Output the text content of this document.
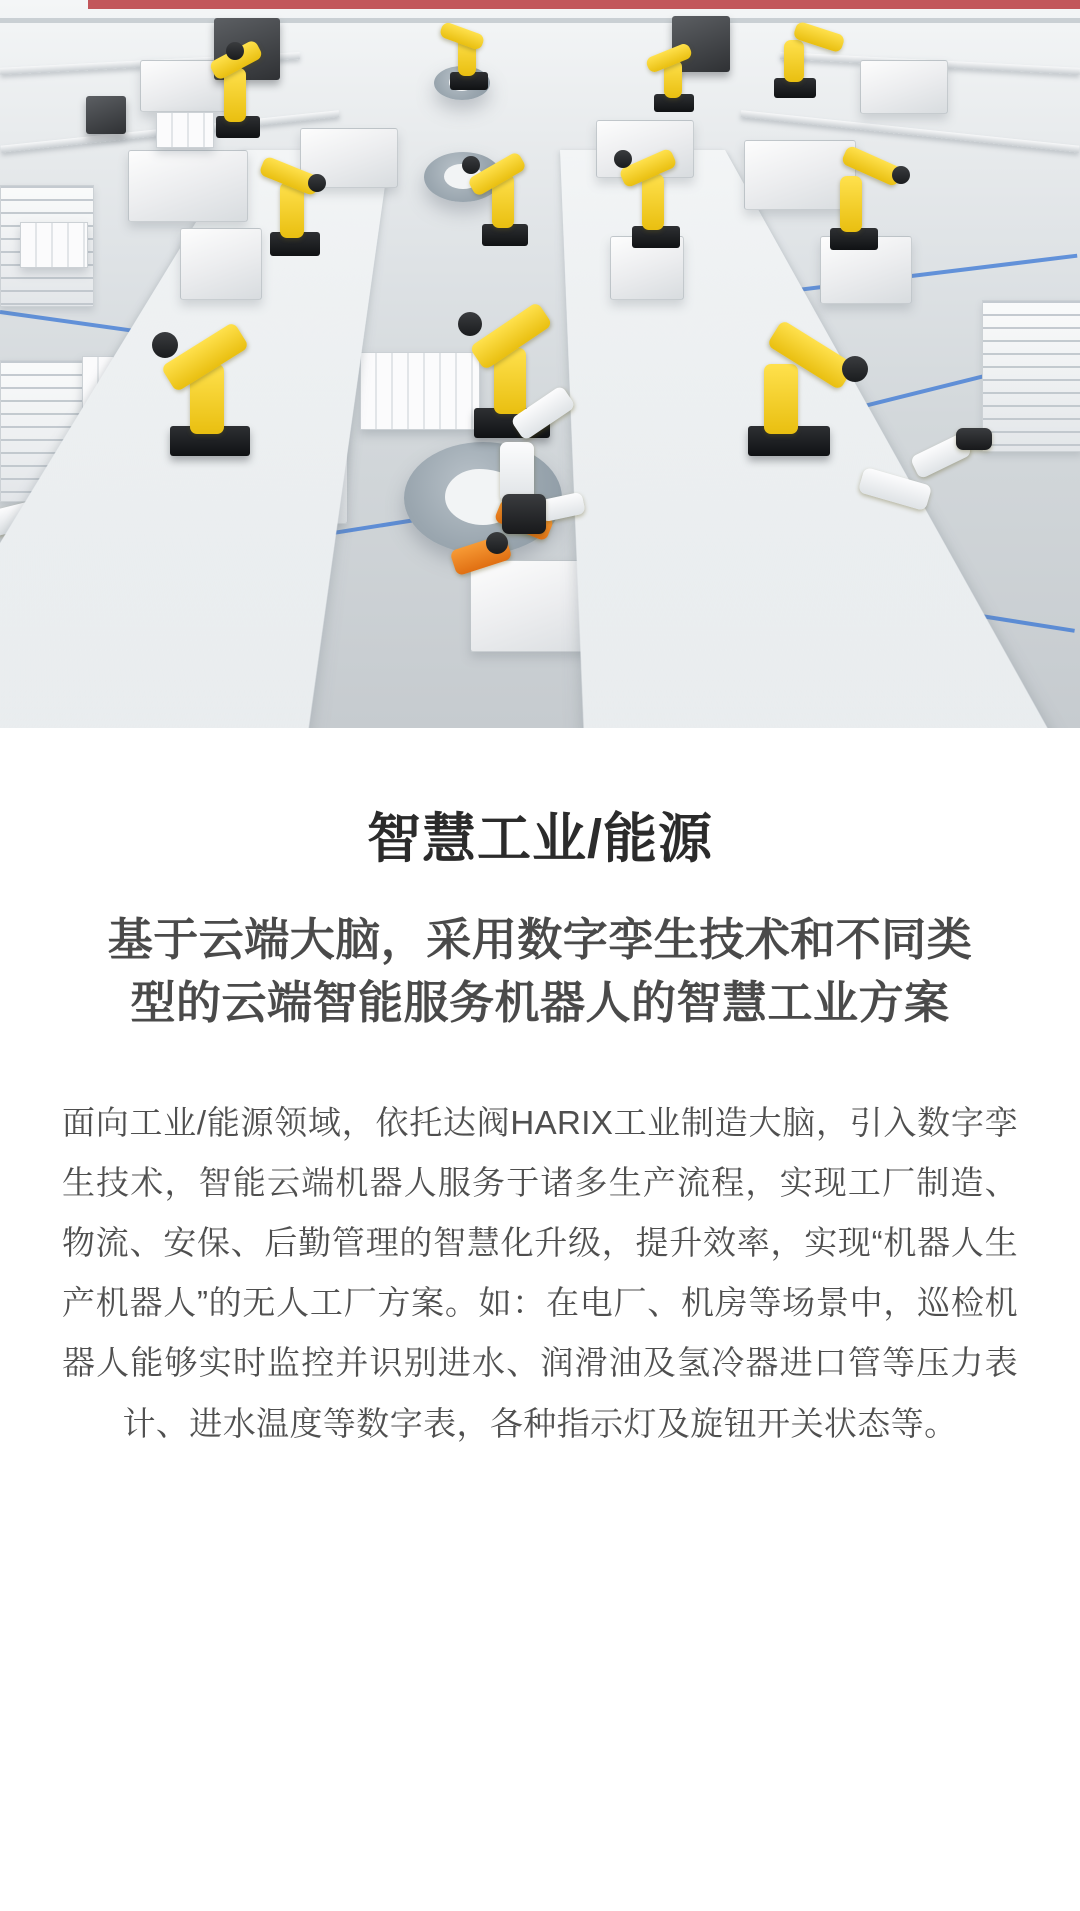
智慧工业/能源
基于云端大脑，采用数字孪生技术和不同类型的云端智能服务机器人的智慧工业方案

面向工业/能源领域，依托达阀HARIX工业制造大脑，引入数字孪生技术，智能云端机器人服务于诸多生产流程，实现工厂制造、物流、安保、后勤管理的智慧化升级，提升效率，实现“机器人生产机器人”的无人工厂方案。如：在电厂、机房等场景中，巡检机器人能够实时监控并识别进水、润滑油及氢冷器进口管等压力表计、进水温度等数字表，各种指示灯及旋钮开关状态等。
